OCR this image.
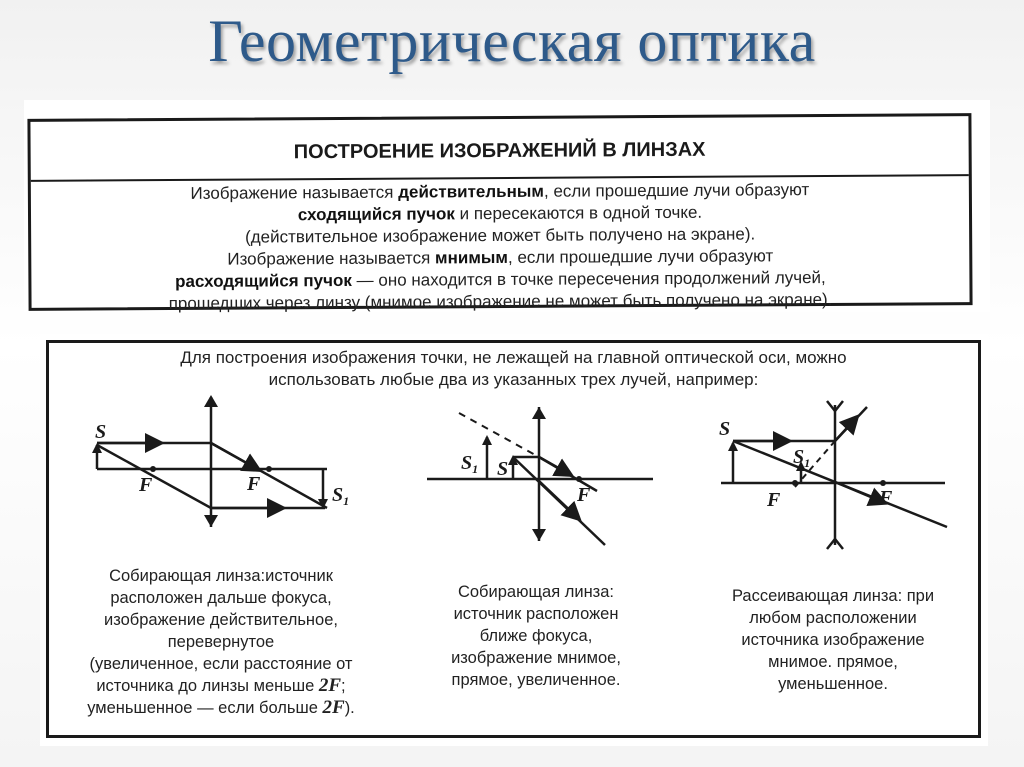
Геометрическая оптика
ПОСТРОЕНИЕ ИЗОБРАЖЕНИЙ В ЛИНЗАХ

Изображение называется действительным, если прошедшие лучи образуют

сходящийся пучок и пересекаются в одной точке.

(действительное изображение может быть получено на экране).

Изображение называется мнимым, если прошедшие лучи образуют

расходящийся пучок — оно находится в точке пересечения продолжений лучей,

прошедших через линзу (мнимое изображение не может быть получено на экране).

Для построения изображения точки, не лежащей на главной оптической оси, можно

использовать любые два из указанных трех лучей, например:

S
F	F	$S_1$
$S_1$ S
F
S
$S_1$
F	F

Собирающая линза:источник

расположен дальше фокуса,

изображение действительное,

перевернутое

(увеличенное, если расстояние от

источника до линзы меньше 2F;

уменьшенное — если больше 2F).

Собирающая линза:

источник расположен

ближе фокуса,

изображение мнимое,

прямое, увеличенное.

Рассеивающая линза: при

любом расположении

источника изображение

мнимое. прямое,

уменьшенное.
